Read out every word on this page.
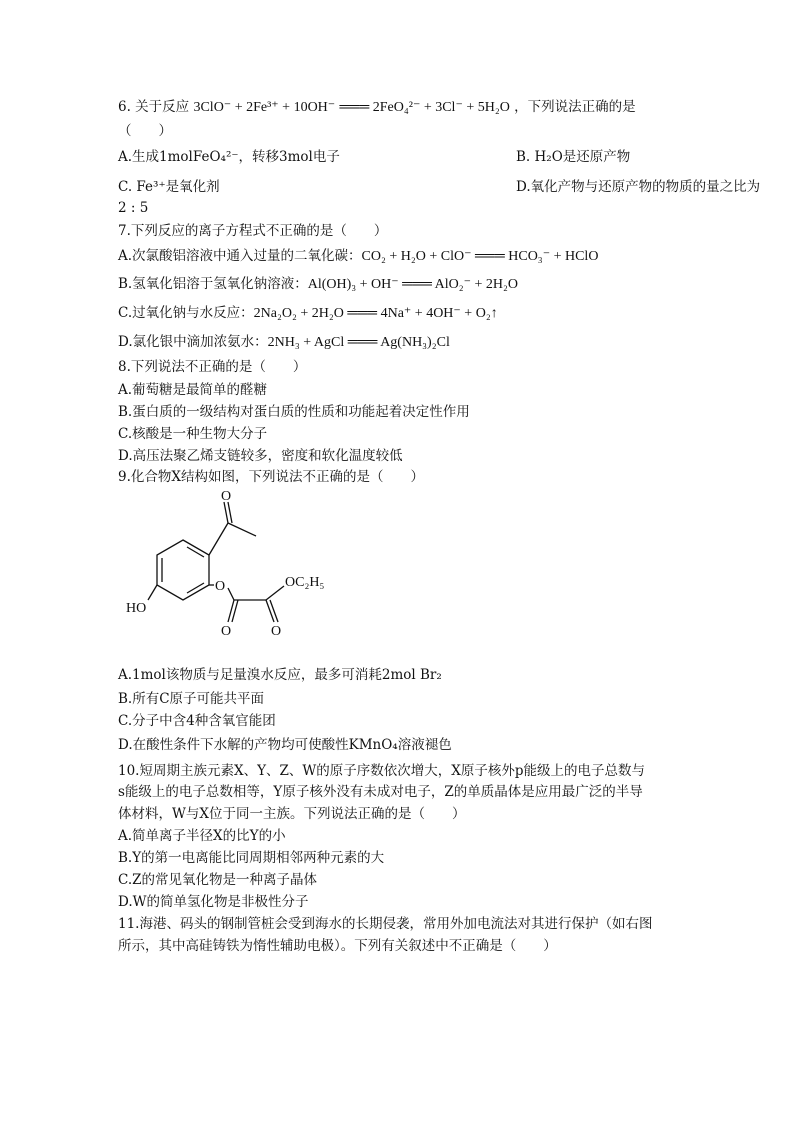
6. 关于反应 3ClO⁻ + 2Fe³⁺ + 10OH⁻ ═══ 2FeO₄²⁻ + 3Cl⁻ + 5H₂O ，下列说法正确的是
（　　）
A.生成1molFeO₄²⁻，转移3mol电子	B. H₂O是还原产物
C. Fe³⁺是氧化剂	D.氧化产物与还原产物的物质的量之比为
2 : 5
7.下列反应的离子方程式不正确的是（　　）
A.次氯酸铝溶液中通入过量的二氧化碳：CO₂ + H₂O + ClO⁻ ═══ HCO₃⁻ + HClO
B.氢氧化铝溶于氢氧化钠溶液：Al(OH)₃ + OH⁻ ═══ AlO₂⁻ + 2H₂O
C.过氧化钠与水反应：2Na₂O₂ + 2H₂O ═══ 4Na⁺ + 4OH⁻ + O₂↑
D.氯化银中滴加浓氨水：2NH₃ + AgCl ═══ Ag(NH₃)₂Cl
8.下列说法不正确的是（　　）
A.葡萄糖是最简单的醛糖
B.蛋白质的一级结构对蛋白质的性质和功能起着决定性作用
C.核酸是一种生物大分子
D.高压法聚乙烯支链较多，密度和软化温度较低
9.化合物X结构如图，下列说法不正确的是（　　）
O
O
HO
OC₂H₅
O	O
A.1mol该物质与足量溴水反应，最多可消耗2mol Br₂
B.所有C原子可能共平面
C.分子中含4种含氧官能团
D.在酸性条件下水解的产物均可使酸性KMnO₄溶液褪色
10.短周期主族元素X、Y、Z、W的原子序数依次增大，X原子核外p能级上的电子总数与
s能级上的电子总数相等，Y原子核外没有未成对电子，Z的单质晶体是应用最广泛的半导
体材料，W与X位于同一主族。下列说法正确的是（　　）
A.简单离子半径X的比Y的小
B.Y的第一电离能比同周期相邻两种元素的大
C.Z的常见氧化物是一种离子晶体
D.W的简单氢化物是非极性分子
11.海港、码头的钢制管桩会受到海水的长期侵袭，常用外加电流法对其进行保护（如右图
所示，其中高硅铸铁为惰性辅助电极）。下列有关叙述中不正确是（　　）
